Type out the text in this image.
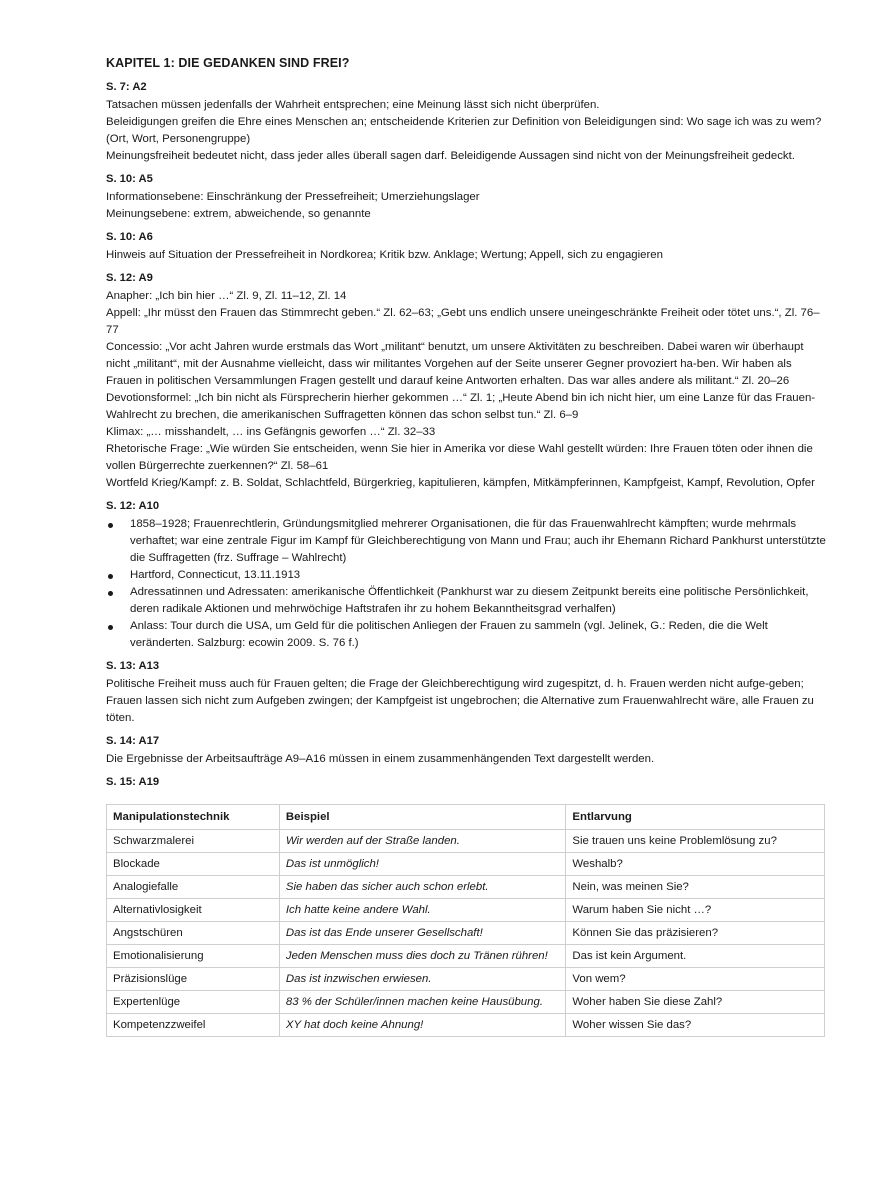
KAPITEL 1: DIE GEDANKEN SIND FREI?

S. 7: A2

Tatsachen müssen jedenfalls der Wahrheit entsprechen; eine Meinung lässt sich nicht überprüfen.

Beleidigungen greifen die Ehre eines Menschen an; entscheidende Kriterien zur Definition von Beleidigungen sind: Wo sage ich was zu wem? (Ort, Wort, Personengruppe)

Meinungsfreiheit bedeutet nicht, dass jeder alles überall sagen darf. Beleidigende Aussagen sind nicht von der Meinungsfreiheit gedeckt.

S. 10: A5

Informationsebene: Einschränkung der Pressefreiheit; Umerziehungslager

Meinungsebene: extrem, abweichende, so genannte

S. 10: A6

Hinweis auf Situation der Pressefreiheit in Nordkorea; Kritik bzw. Anklage; Wertung; Appell, sich zu engagieren

S. 12: A9

Anapher: „Ich bin hier …“ Zl. 9, Zl. 11–12, Zl. 14

Appell: „Ihr müsst den Frauen das Stimmrecht geben.“ Zl. 62–63; „Gebt uns endlich unsere uneingeschränkte Freiheit oder tötet uns.“, Zl. 76–77

Concessio: „Vor acht Jahren wurde erstmals das Wort „militant“ benutzt, um unsere Aktivitäten zu beschreiben. Dabei waren wir überhaupt nicht „militant“, mit der Ausnahme vielleicht, dass wir militantes Vorgehen auf der Seite unserer Gegner provoziert ha-ben. Wir haben als Frauen in politischen Versammlungen Fragen gestellt und darauf keine Antworten erhalten. Das war alles andere als militant.“ Zl. 20–26

Devotionsformel: „Ich bin nicht als Fürsprecherin hierher gekommen …“ Zl. 1; „Heute Abend bin ich nicht hier, um eine Lanze für das Frauen-Wahlrecht zu brechen, die amerikanischen Suffragetten können das schon selbst tun.“ Zl. 6–9

Klimax: „… misshandelt, … ins Gefängnis geworfen …“ Zl. 32–33

Rhetorische Frage: „Wie würden Sie entscheiden, wenn Sie hier in Amerika vor diese Wahl gestellt würden: Ihre Frauen töten oder ihnen die vollen Bürgerrechte zuerkennen?“ Zl. 58–61

Wortfeld Krieg/Kampf: z. B. Soldat, Schlachtfeld, Bürgerkrieg, kapitulieren, kämpfen, Mitkämpferinnen, Kampfgeist, Kampf, Revolution, Opfer

S. 12: A10

1858–1928; Frauenrechtlerin, Gründungsmitglied mehrerer Organisationen, die für das Frauenwahlrecht kämpften; wurde mehrmals verhaftet; war eine zentrale Figur im Kampf für Gleichberechtigung von Mann und Frau; auch ihr Ehemann Richard Pankhurst unterstützte die Suffragetten (frz. Suffrage – Wahlrecht)
Hartford, Connecticut, 13.11.1913
Adressatinnen und Adressaten: amerikanische Öffentlichkeit (Pankhurst war zu diesem Zeitpunkt bereits eine politische Persönlichkeit, deren radikale Aktionen und mehrwöchige Haftstrafen ihr zu hohem Bekanntheitsgrad verhalfen)
Anlass: Tour durch die USA, um Geld für die politischen Anliegen der Frauen zu sammeln (vgl. Jelinek, G.: Reden, die die Welt veränderten. Salzburg: ecowin 2009. S. 76 f.)

S. 13: A13

Politische Freiheit muss auch für Frauen gelten; die Frage der Gleichberechtigung wird zugespitzt, d. h. Frauen werden nicht aufge-geben; Frauen lassen sich nicht zum Aufgeben zwingen; der Kampfgeist ist ungebrochen; die Alternative zum Frauenwahlrecht wäre, alle Frauen zu töten.

S. 14: A17

Die Ergebnisse der Arbeitsaufträge A9–A16 müssen in einem zusammenhängenden Text dargestellt werden.

S. 15: A19

Manipulationstechnik	Beispiel	Entlarvung
Schwarzmalerei	Wir werden auf der Straße landen.	Sie trauen uns keine Problemlösung zu?
Blockade	Das ist unmöglich!	Weshalb?
Analogiefalle	Sie haben das sicher auch schon erlebt.	Nein, was meinen Sie?
Alternativlosigkeit	Ich hatte keine andere Wahl.	Warum haben Sie nicht …?
Angstschüren	Das ist das Ende unserer Gesellschaft!	Können Sie das präzisieren?
Emotionalisierung	Jeden Menschen muss dies doch zu Tränen rühren!	Das ist kein Argument.
Präzisionslüge	Das ist inzwischen erwiesen.	Von wem?
Expertenlüge	83 % der Schüler/innen machen keine Hausübung.	Woher haben Sie diese Zahl?
Kompetenzzweifel	XY hat doch keine Ahnung!	Woher wissen Sie das?
